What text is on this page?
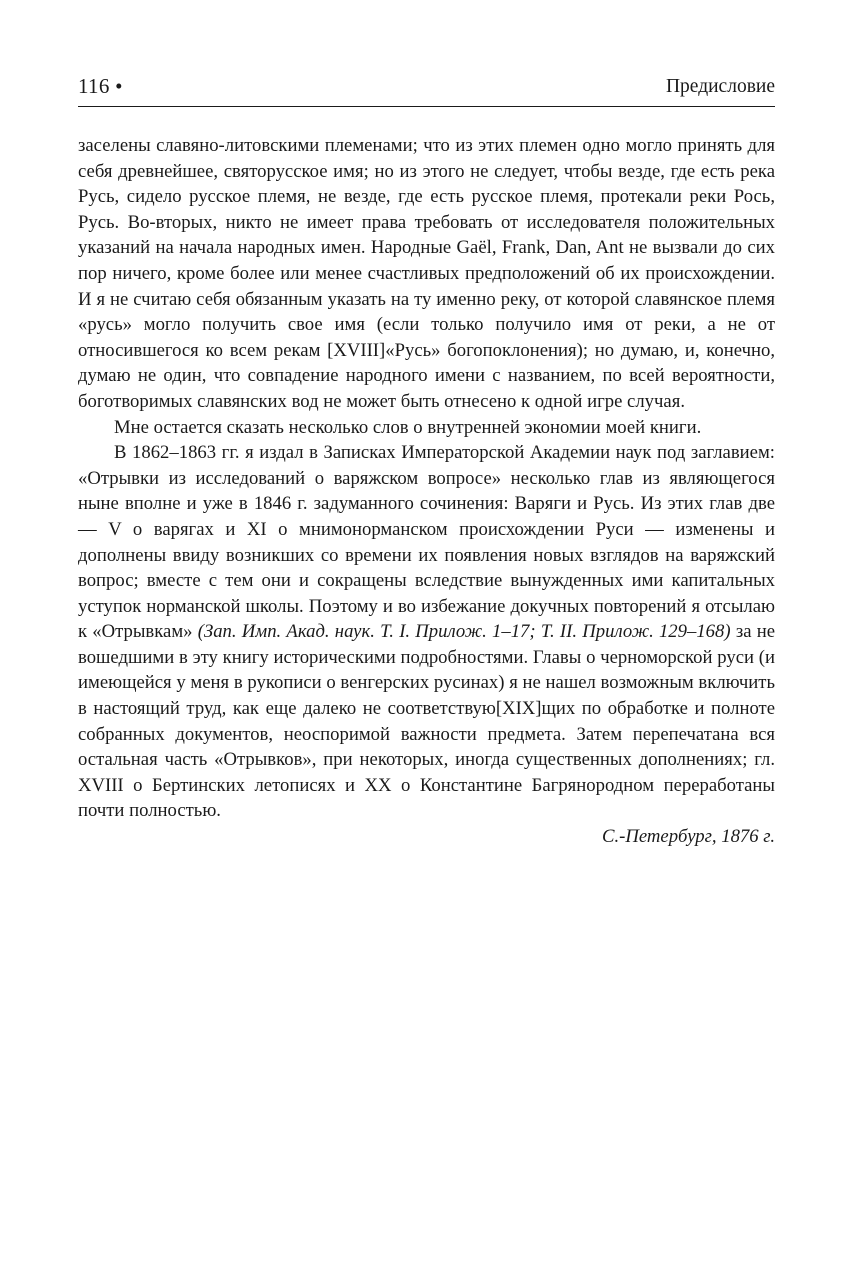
116 •	Предисловие

заселены славяно-литовскими племенами; что из этих племен одно могло принять для себя древнейшее, святорусское имя; но из этого не следует, чтобы везде, где есть река Русь, сидело русское племя, не везде, где есть русское племя, протекали реки Рось, Русь. Во-вторых, никто не имеет права требовать от исследователя положительных указаний на начала народных имен. Народные Gaël, Frank, Dan, Ant не вызвали до сих пор ничего, кроме более или менее счастливых предположений об их происхождении. И я не считаю себя обязанным указать на ту именно реку, от которой славянское племя «русь» могло получить свое имя (если только получило имя от реки, а не от относившегося ко всем рекам [XVIII]«Русь» богопоклонения); но думаю, и, конечно, думаю не один, что совпадение народного имени с названием, по всей вероятности, боготворимых славянских вод не может быть отнесено к одной игре случая.

Мне остается сказать несколько слов о внутренней экономии моей книги.

В 1862–1863 гг. я издал в Записках Императорской Академии наук под заглавием: «Отрывки из исследований о варяжском вопросе» несколько глав из являющегося ныне вполне и уже в 1846 г. задуманного сочинения: Варяги и Русь. Из этих глав две — V о варягах и XI о мнимонорманском происхождении Руси — изменены и дополнены ввиду возникших со времени их появления новых взглядов на варяжский вопрос; вместе с тем они и сокращены вследствие вынужденных ими капитальных уступок норманской школы. Поэтому и во избежание докучных повторений я отсылаю к «Отрывкам» (Зап. Имп. Акад. наук. Т. I. Прилож. 1–17; Т. II. Прилож. 129–168) за не вошедшими в эту книгу историческими подробностями. Главы о черноморской руси (и имеющейся у меня в рукописи о венгерских русинах) я не нашел возможным включить в настоящий труд, как еще далеко не соответствую[XIX]щих по обработке и полноте собранных документов, неоспоримой важности предмета. Затем перепечатана вся остальная часть «Отрывков», при некоторых, иногда существенных дополнениях; гл. XVIII о Бертинских летописях и XX о Константине Багрянородном переработаны почти полностью.

С.-Петербург, 1876 г.
